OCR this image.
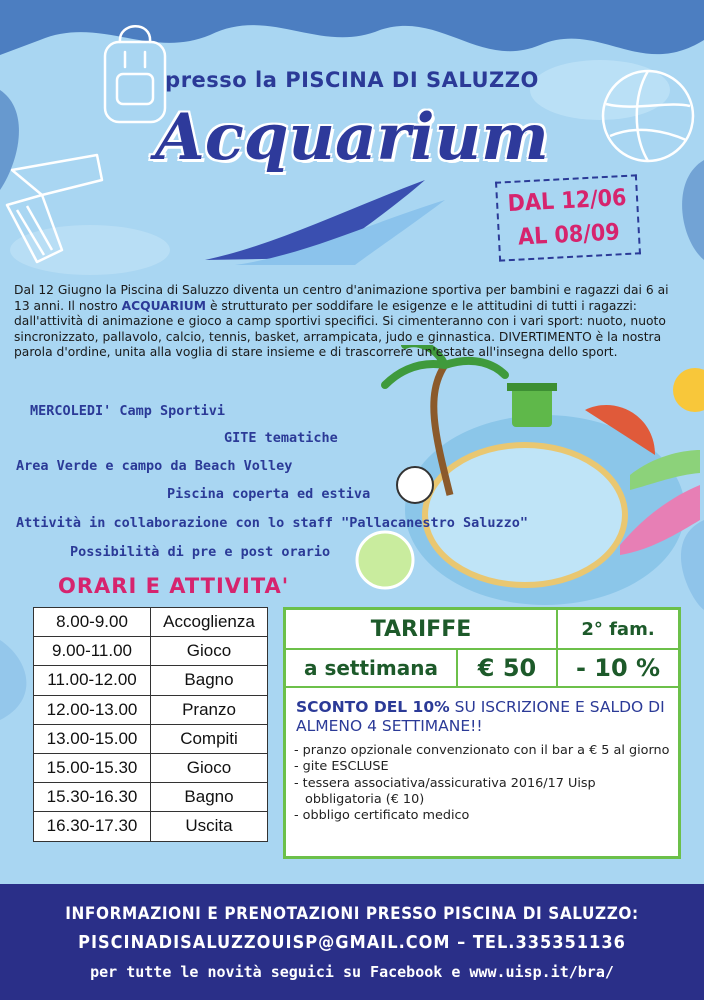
presso la PISCINA DI SALUZZO
Acquarium
DAL 12/06
AL 08/09
Dal 12 Giugno la Piscina di Saluzzo diventa un centro d'animazione sportiva per bambini e ragazzi dai 6 ai 13 anni. Il nostro ACQUARIUM è strutturato per soddifare le esigenze e le attitudini di tutti i ragazzi: dall'attività di animazione e gioco a camp sportivi specifici. Si cimenteranno con i vari sport: nuoto, nuoto sincronizzato, pallavolo, calcio, tennis, basket, arrampicata, judo e ginnastica. DIVERTIMENTO è la nostra parola d'ordine, unita alla voglia di stare insieme e di trascorrere un'estate all'insegna dello sport.
MERCOLEDI' Camp Sportivi
GITE tematiche
Area Verde e campo da Beach Volley
Piscina coperta ed estiva
Attività in collaborazione con lo staff "Pallacanestro Saluzzo"
Possibilità di pre e post orario
ORARI E ATTIVITA'
8.00-9.00	Accoglienza
9.00-11.00	Gioco
11.00-12.00	Bagno
12.00-13.00	Pranzo
13.00-15.00	Compiti
15.00-15.30	Gioco
15.30-16.30	Bagno
16.30-17.30	Uscita
TARIFFE	2° fam.
a settimana	€ 50	- 10 %
SCONTO DEL 10% SU ISCRIZIONE E SALDO DI ALMENO 4 SETTIMANE!!
- pranzo opzionale convenzionato con il bar a € 5 al giorno
- gite ESCLUSE
- tessera associativa/assicurativa 2016/17 Uisp obbligatoria (€ 10)
- obbligo certificato medico
INFORMAZIONI E PRENOTAZIONI PRESSO PISCINA DI SALUZZO:
PISCINADISALUZZOUISP@GMAIL.COM – TEL.335351136
per tutte le novità seguici su Facebook e www.uisp.it/bra/
